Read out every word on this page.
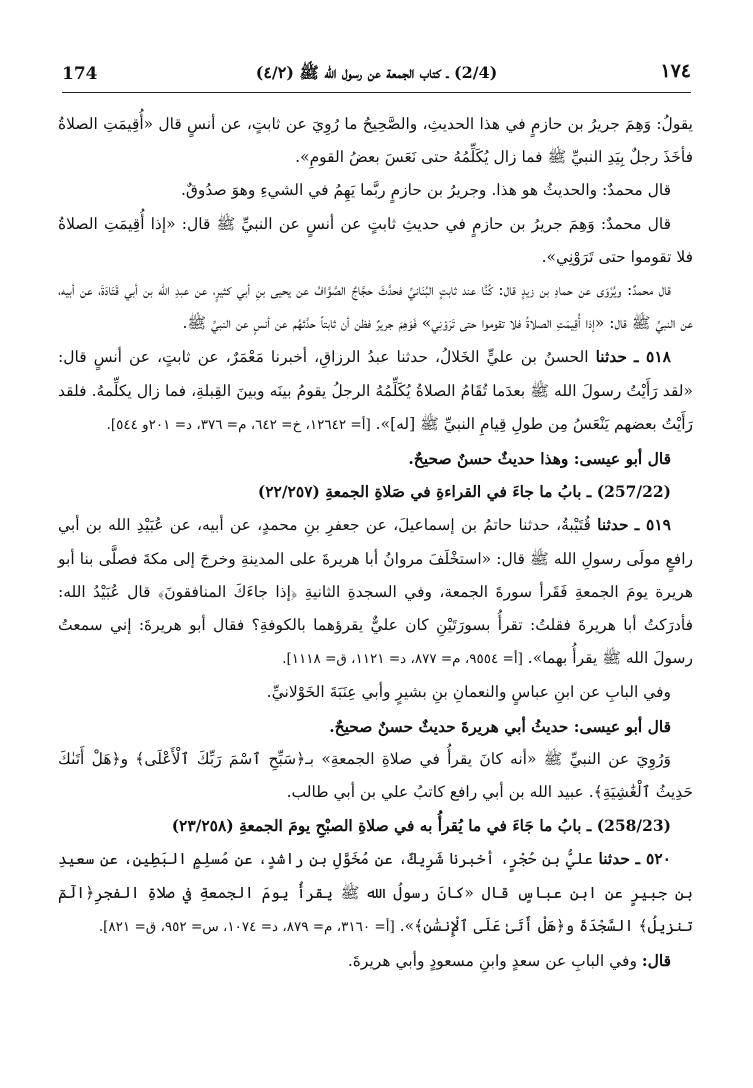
174	(2/4) ـ كتاب الجمعة عن رسول الله ﷺ (٤/٢)	١٧٤

يقولُ: وَهِمَ جريرُ بن حازمٍ في هذا الحديثِ، والصَّحِيحُ ما رُوِيَ عن ثابتٍ، عن أنسٍ قال «أُقِيمَتِ الصلاةُ فأخَذَ رجلٌ بِيَدِ النبيِّ ﷺ فما زال يُكَلِّمُهُ حتى نَعَسَ بعضُ القومِ».

قال محمدٌ: والحديثُ هو هذا. وجريرُ بن حازمٍ ربَّما يَهِمُ في الشيءِ وهوَ صدُوقٌ.

قال محمدٌ: وَهِمَ جريرُ بن حازمٍ في حديثِ ثابتٍ عن أنسٍ عن النبيِّ ﷺ قال: «إذا أُقِيمَتِ الصلاةُ فلا تقوموا حتى تَرَوْنِي».

قال محمدٌ: ويُرْوَى عن حمادِ بن زيدٍ قال: كُنَّا عند ثابتٍ البُنَانيِّ فحدَّثَ حجَّاجٌ الصَّوَّافُ عن يحيى بنِ أبي كثيرٍ، عن عبدِ الله بن أبي قَتَادَةَ، عن أبيه، عن النبيِّ ﷺ قال: «إذا أُقِيمَتِ الصلاةُ فلا تقوموا حتى تَرَوْنِي» فَوَهِمَ جريرٌ فظن أن ثابتاً حدَّثهُم عن أنسٍ عن النبيِّ ﷺ.

٥١٨ ـ حدثنا الحسنُ بن عليٍّ الخَلالُ، حدثنا عبدُ الرزاقِ، أخبرنا مَعْمَرٌ، عن ثابتٍ، عن أنسٍ قال: «لقد رَأَيْتُ رسولَ الله ﷺ بعدَما تُقَامُ الصلاةُ يُكَلِّمُهُ الرجلُ يقومُ بينَه وبينَ القِبلةِ، فما زال يكلِّمهُ. فلقد رَأَيْتُ بعضهم يَنْعَسُ مِن طولِ قِيامِ النبيِّ ﷺ [له]». [أ= ١٢٦٤٢، خ= ٦٤٢، م= ٣٧٦، د= ٢٠١و ٥٤٤].

قال أبو عيسى: وهذا حديثٌ حسنٌ صحيحٌ.

(257/22) ـ بابُ ما جاءَ في القراءةِ في صَلاةِ الجمعةِ (٢٢/٢٥٧)

٥١٩ ـ حدثنا قُتَيْبةُ، حدثنا حاتمُ بن إسماعيلَ، عن جعفرِ بنِ محمدٍ، عن أبيه، عن عُبَيْدِ الله بن أبي رافعٍ مولَى رسولِ الله ﷺ قال: «استخْلَفَ مروانُ أبا هريرةَ على المدينةِ وخرجَ إلى مكةَ فصلَّى بنا أبو هريرة يومَ الجمعةِ فَقَرأ سورةَ الجمعة، وفي السجدةِ الثانيةِ ﴿إذا جاءَكَ المنافقونَ﴾ قال عُبَيْدُ الله: فأدرَكتُ أبا هريرةَ فقلتُ: تقرأُ بسورَتَيْنِ كان عليٌّ يقرؤهما بالكوفةِ؟ فقال أبو هريرةَ: إني سمعتُ رسولَ الله ﷺ يقرأُ بهما». [أ= ٩٥٥٤، م= ٨٧٧، د= ١١٢١، ق= ١١١٨].

وفي البابِ عن ابنِ عباسٍ والنعمانِ بنِ بشيرٍ وأبي عِنَبَةَ الخَوْلانيِّ.

قال أبو عيسى: حديثُ أبي هريرةَ حديثٌ حسنٌ صحيحٌ.

وَرُوِيَ عن النبيِّ ﷺ «أنه كانَ يقرأُ في صلاةِ الجمعةِ» بـ﴿سَبِّحِ ٱسْمَ رَبِّكَ ٱلْأَعْلَى﴾ و﴿هَلْ أَتَىٰكَ حَدِيثُ ٱلْغَٰشِيَةِ﴾. عبيد الله بن أبي رافع كاتبُ علي بن أبي طالب.

(258/23) ـ بابُ ما جَاءَ في ما يُقرأُ به في صلاةِ الصبْحِ يومَ الجمعةِ (٢٣/٢٥٨)

٥٢٠ ـ حدثنا عليُّ بن حُجْرٍ، أخبرنا شَرِيكٌ، عن مُخَوَّلِ بنِ راشدٍ، عن مُسلِمٍ البَطِينِ، عن سعيدِ بن جبيرٍ عن ابن عباسٍ قال «كانَ رسولُ الله ﷺ يقرأُ يومَ الجمعةِ في صلاةِ الفجرِ﴿الٓمٓ تنزيلُ﴾ السَّجْدَةَ و﴿هَلْ أَتَىٰ عَلَى ٱلْإِنسَٰنِ﴾». [أ= ٣١٦٠، م= ٨٧٩، د= ١٠٧٤، س= ٩٥٢، ق= ٨٢١].

قال: وفي البابِ عن سعدٍ وابنِ مسعودٍ وأبي هريرةَ.
